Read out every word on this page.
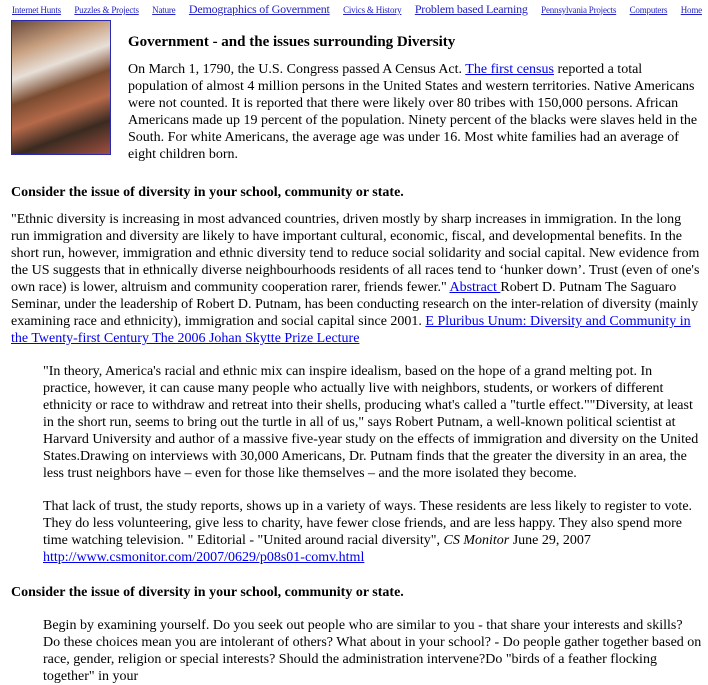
Internet Hunts Puzzles & Projects Nature Demographics of Government Civics & History Problem based Learning Pennsylvania Projects Computers Home
Government - and the issues surrounding Diversity

On March 1, 1790, the U.S. Congress passed A Census Act. The first census reported a total population of almost 4 million persons in the United States and western territories. Native Americans were not counted. It is reported that there were likely over 80 tribes with 150,000 persons. African Americans made up 19 percent of the population. Ninety percent of the blacks were slaves held in the South. For white Americans, the average age was under 16. Most white families had an average of eight children born.

Consider the issue of diversity in your school, community or state.

"Ethnic diversity is increasing in most advanced countries, driven mostly by sharp increases in immigration. In the long run immigration and diversity are likely to have important cultural, economic, fiscal, and developmental benefits. In the short run, however, immigration and ethnic diversity tend to reduce social solidarity and social capital. New evidence from the US suggests that in ethnically diverse neighbourhoods residents of all races tend to ‘hunker down’. Trust (even of one's own race) is lower, altruism and community cooperation rarer, friends fewer." Abstract Robert D. Putnam The Saguaro Seminar, under the leadership of Robert D. Putnam, has been conducting research on the inter-relation of diversity (mainly examining race and ethnicity), immigration and social capital since 2001. E Pluribus Unum: Diversity and Community in the Twenty-first Century The 2006 Johan Skytte Prize Lecture

"In theory, America's racial and ethnic mix can inspire idealism, based on the hope of a grand melting pot. In practice, however, it can cause many people who actually live with neighbors, students, or workers of different ethnicity or race to withdraw and retreat into their shells, producing what's called a "turtle effect.""Diversity, at least in the short run, seems to bring out the turtle in all of us," says Robert Putnam, a well-known political scientist at Harvard University and author of a massive five-year study on the effects of immigration and diversity on the United States.Drawing on interviews with 30,000 Americans, Dr. Putnam finds that the greater the diversity in an area, the less trust neighbors have – even for those like themselves – and the more isolated they become.

That lack of trust, the study reports, shows up in a variety of ways. These residents are less likely to register to vote. They do less volunteering, give less to charity, have fewer close friends, and are less happy. They also spend more time watching television. " Editorial - "United around racial diversity", CS Monitor June 29, 2007
http://www.csmonitor.com/2007/0629/p08s01-comv.html

Consider the issue of diversity in your school, community or state.

Begin by examining yourself. Do you seek out people who are similar to you - that share your interests and skills? Do these choices mean you are intolerant of others? What about in your school? - Do people gather together based on race, gender, religion or special interests? Should the administration intervene?Do "birds of a feather flocking together" in your
